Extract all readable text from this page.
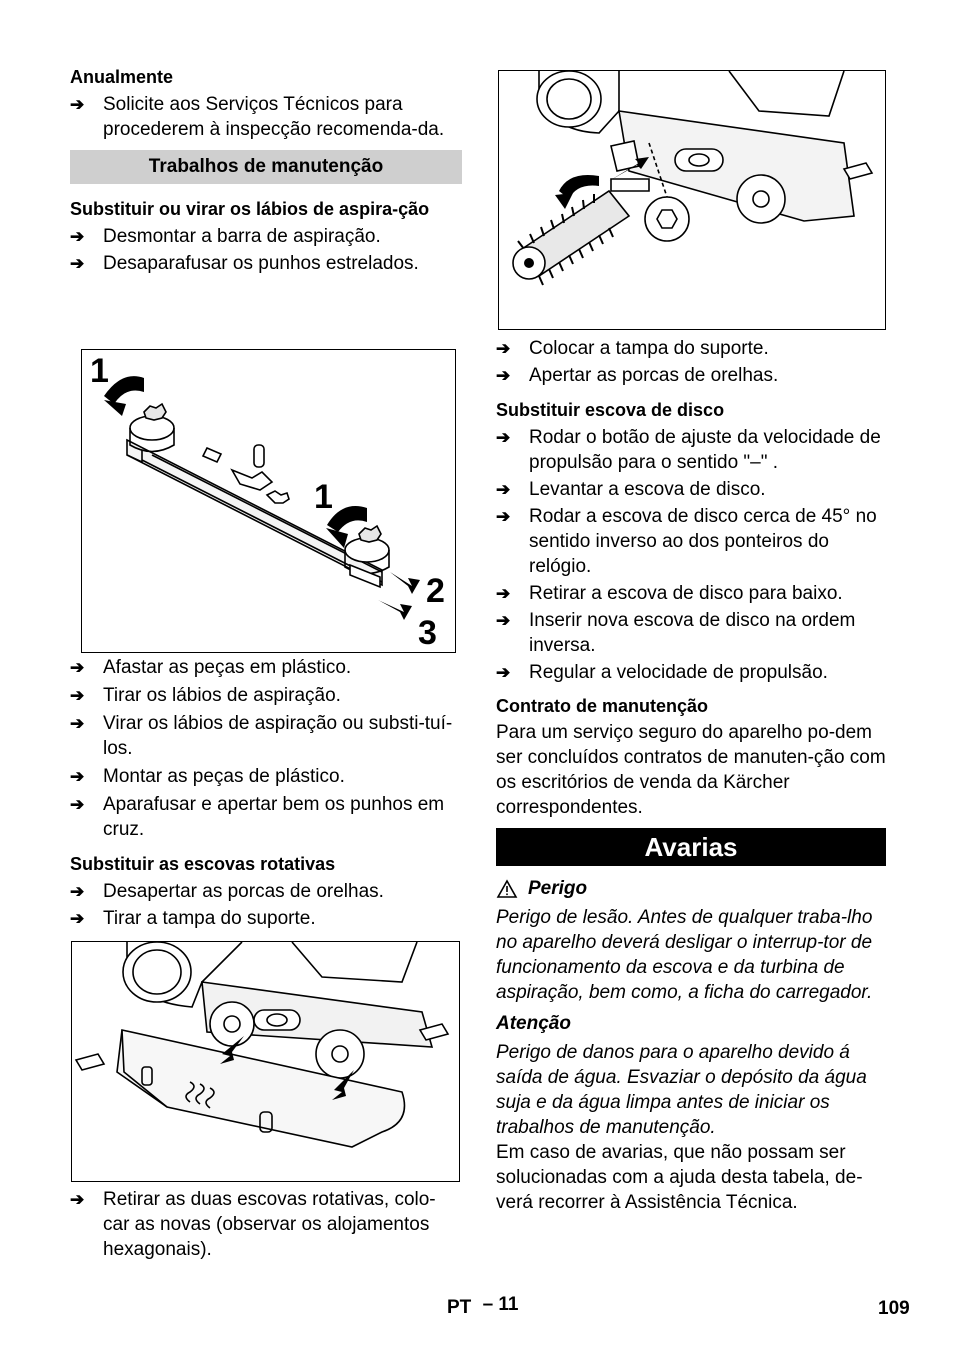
Anualmente
➔ Solicite aos Serviços Técnicos para procederem à inspecção recomenda-da.
Trabalhos de manutenção
Substituir ou virar os lábios de aspira-ção
➔ Desmontar a barra de aspiração.
➔ Desaparafusar os punhos estrelados.
1
1
2
3
➔ Afastar as peças em plástico.
➔ Tirar os lábios de aspiração.
➔ Virar os lábios de aspiração ou substi-tuí-los.
➔ Montar as peças de plástico.
➔ Aparafusar e apertar bem os punhos em cruz.
Substituir as escovas rotativas
➔ Desapertar as porcas de orelhas.
➔ Tirar a tampa do suporte.
➔ Retirar as duas escovas rotativas, colo-car as novas (observar os alojamentos hexagonais).
➔ Colocar a tampa do suporte.
➔ Apertar as porcas de orelhas.
Substituir escova de disco
➔ Rodar o botão de ajuste da velocidade de propulsão para o sentido "–" .
➔ Levantar a escova de disco.
➔ Rodar a escova de disco cerca de 45° no sentido inverso ao dos ponteiros do relógio.
➔ Retirar a escova de disco para baixo.
➔ Inserir nova escova de disco na ordem inversa.
➔ Regular a velocidade de propulsão.
Contrato de manutenção
Para um serviço seguro do aparelho po-dem ser concluídos contratos de manuten-ção com os escritórios de venda da Kärcher correspondentes.
Avarias
Perigo
Perigo de lesão. Antes de qualquer traba-lho no aparelho deverá desligar o interrup-tor de funcionamento da escova e da turbina de aspiração, bem como, a ficha do carregador.
Atenção
Perigo de danos para o aparelho devido á saída de água. Esvaziar o depósito da água suja e da água limpa antes de iniciar os trabalhos de manutenção.
Em caso de avarias, que não possam ser solucionadas com a ajuda desta tabela, de-verá recorrer à Assistência Técnica.
PT – 11	109
